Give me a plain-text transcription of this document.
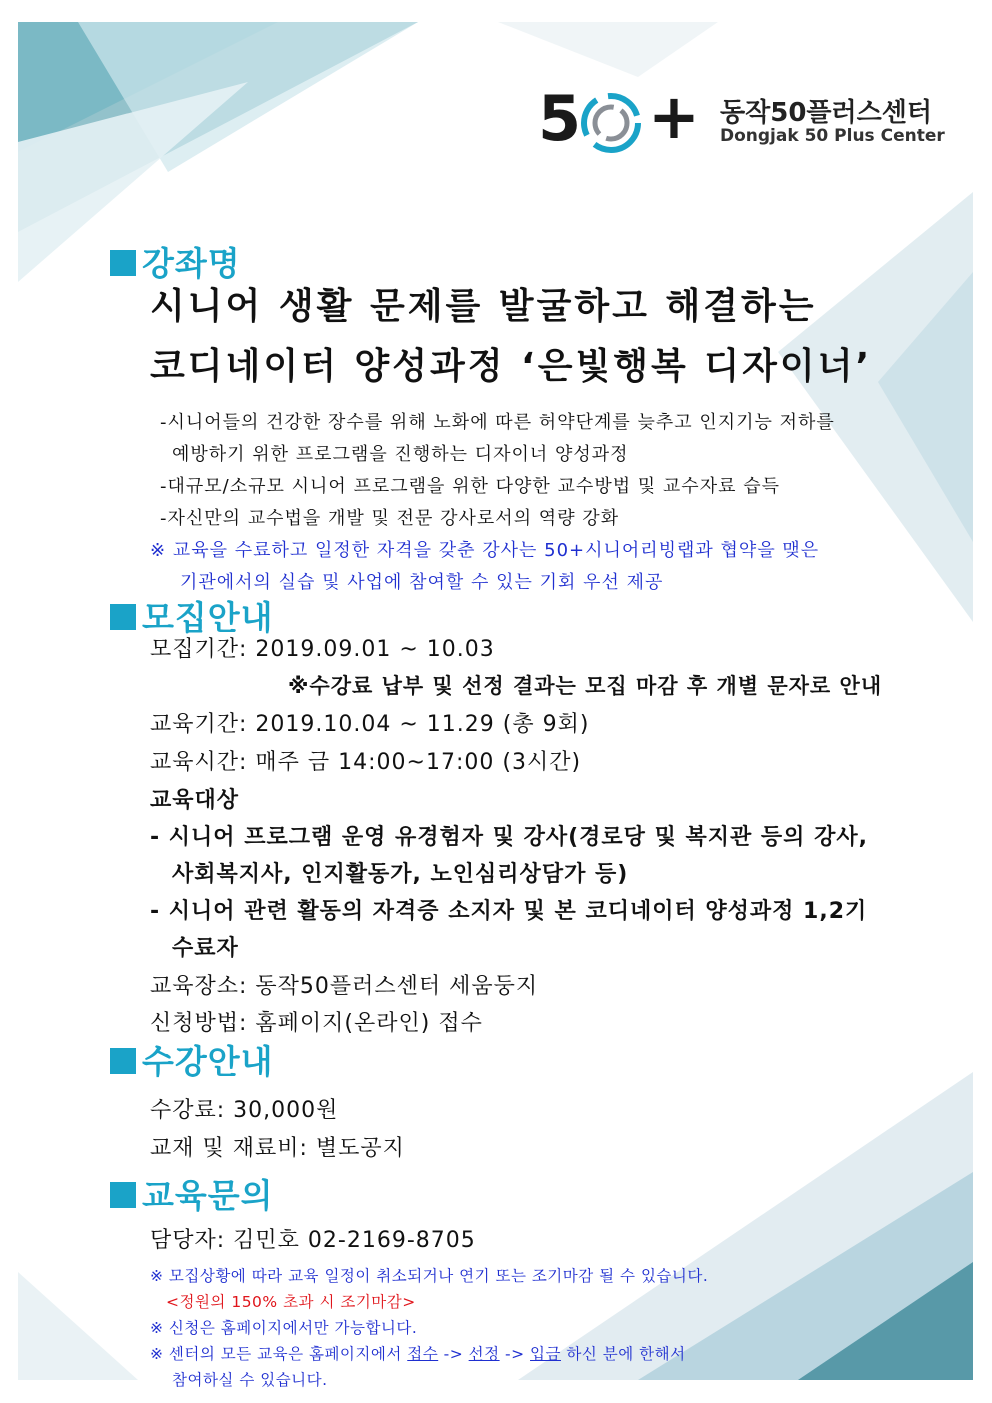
5 + 동작50플러스센터
Dongjak 50 Plus Center
강좌명
시니어 생활 문제를 발굴하고 해결하는
코디네이터 양성과정 ‘은빛행복 디자이너’
-시니어들의 건강한 장수를 위해 노화에 따른 허약단계를 늦추고 인지기능 저하를
예방하기 위한 프로그램을 진행하는 디자이너 양성과정
-대규모/소규모 시니어 프로그램을 위한 다양한 교수방법 및 교수자료 습득
-자신만의 교수법을 개발 및 전문 강사로서의 역량 강화
※ 교육을 수료하고 일정한 자격을 갖춘 강사는 50+시니어리빙랩과 협약을 맺은
기관에서의 실습 및 사업에 참여할 수 있는 기회 우선 제공
모집안내
모집기간: 2019.09.01 ~ 10.03
※수강료 납부 및 선정 결과는 모집 마감 후 개별 문자로 안내
교육기간: 2019.10.04 ~ 11.29 (총 9회)
교육시간: 매주 금 14:00~17:00 (3시간)
교육대상
- 시니어 프로그램 운영 유경험자 및 강사(경로당 및 복지관 등의 강사,
사회복지사, 인지활동가, 노인심리상담가 등)
- 시니어 관련 활동의 자격증 소지자 및 본 코디네이터 양성과정 1,2기
수료자
교육장소: 동작50플러스센터 세움둥지
신청방법: 홈페이지(온라인) 접수
수강안내
수강료: 30,000원
교재 및 재료비: 별도공지
교육문의
담당자: 김민호 02-2169-8705
※ 모집상황에 따라 교육 일정이 취소되거나 연기 또는 조기마감 될 수 있습니다.
<정원의 150% 초과 시 조기마감>
※ 신청은 홈페이지에서만 가능합니다.
※ 센터의 모든 교육은 홈페이지에서 접수 -> 선정 -> 입금 하신 분에 한해서
참여하실 수 있습니다.
